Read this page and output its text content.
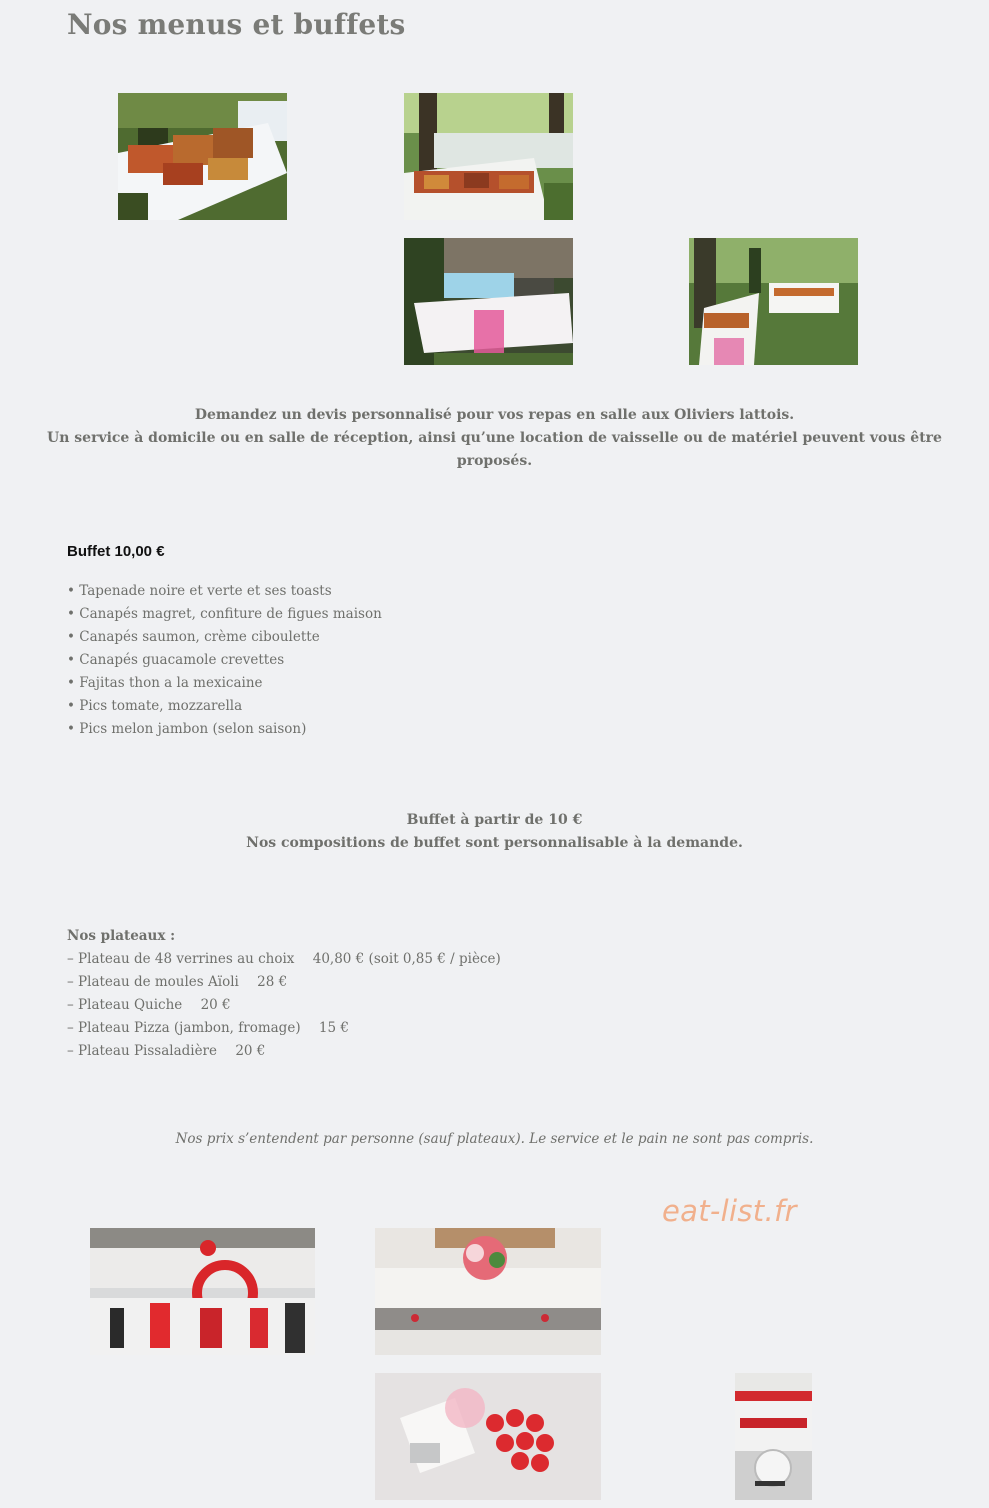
Nos menus et buffets
Demandez un devis personnalisé pour vos repas en salle aux Oliviers lattois.
Un service à domicile ou en salle de réception, ainsi qu’une location de vaisselle ou de matériel peuvent vous être
proposés.
Buffet 10,00 €
• Tapenade noire et verte et ses toasts
• Canapés magret, confiture de figues maison
• Canapés saumon, crème ciboulette
• Canapés guacamole crevettes
• Fajitas thon a la mexicaine
• Pics tomate, mozzarella
• Pics melon jambon (selon saison)
Buffet à partir de 10 €
Nos compositions de buffet sont personnalisable à la demande.
Nos plateaux :
– Plateau de 48 verrines au choix 40,80 € (soit 0,85 € / pièce)
– Plateau de moules Aïoli 28 €
– Plateau Quiche 20 €
– Plateau Pizza (jambon, fromage) 15 €
– Plateau Pissaladière 20 €
Nos prix s’entendent par personne (sauf plateaux). Le service et le pain ne sont pas compris.
eat-list.fr
